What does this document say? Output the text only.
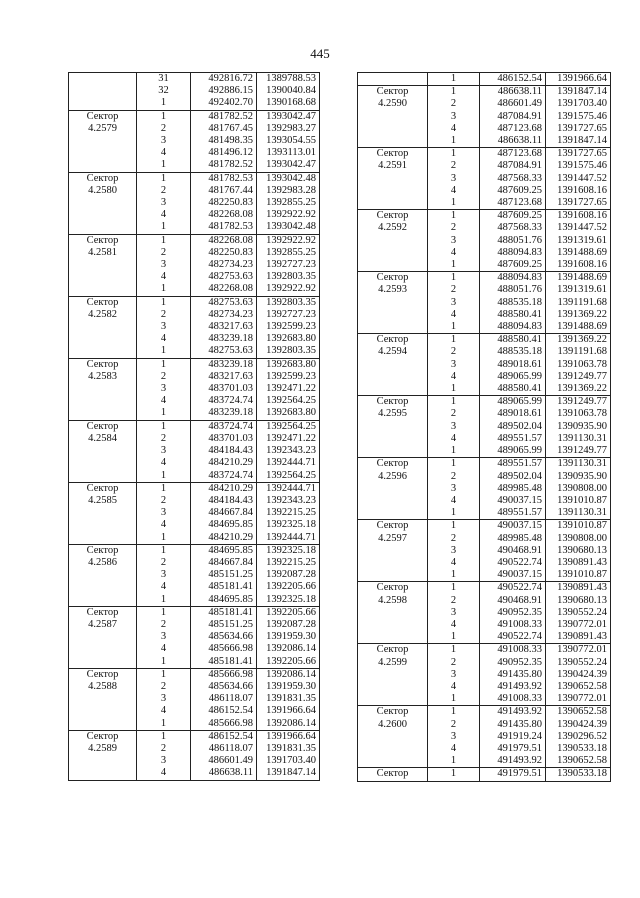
445
	31	492816.72	1389788.53
	32	492886.15	1390040.84
	1	492402.70	1390168.68
Сектор
4.2579	1	481782.52	1393042.47
	2	481767.45	1392983.27
	3	481498.35	1393054.55
	4	481496.12	1393113.01
	1	481782.52	1393042.47
Сектор
4.2580	1	481782.53	1393042.48
	2	481767.44	1392983.28
	3	482250.83	1392855.25
	4	482268.08	1392922.92
	1	481782.53	1393042.48
Сектор
4.2581	1	482268.08	1392922.92
	2	482250.83	1392855.25
	3	482734.23	1392727.23
	4	482753.63	1392803.35
	1	482268.08	1392922.92
Сектор
4.2582	1	482753.63	1392803.35
	2	482734.23	1392727.23
	3	483217.63	1392599.23
	4	483239.18	1392683.80
	1	482753.63	1392803.35
Сектор
4.2583	1	483239.18	1392683.80
	2	483217.63	1392599.23
	3	483701.03	1392471.22
	4	483724.74	1392564.25
	1	483239.18	1392683.80
Сектор
4.2584	1	483724.74	1392564.25
	2	483701.03	1392471.22
	3	484184.43	1392343.23
	4	484210.29	1392444.71
	1	483724.74	1392564.25
Сектор
4.2585	1	484210.29	1392444.71
	2	484184.43	1392343.23
	3	484667.84	1392215.25
	4	484695.85	1392325.18
	1	484210.29	1392444.71
Сектор
4.2586	1	484695.85	1392325.18
	2	484667.84	1392215.25
	3	485151.25	1392087.28
	4	485181.41	1392205.66
	1	484695.85	1392325.18
Сектор
4.2587	1	485181.41	1392205.66
	2	485151.25	1392087.28
	3	485634.66	1391959.30
	4	485666.98	1392086.14
	1	485181.41	1392205.66
Сектор
4.2588	1	485666.98	1392086.14
	2	485634.66	1391959.30
	3	486118.07	1391831.35
	4	486152.54	1391966.64
	1	485666.98	1392086.14
Сектор
4.2589	1	486152.54	1391966.64
	2	486118.07	1391831.35
	3	486601.49	1391703.40
	4	486638.11	1391847.14
	1	486152.54	1391966.64
Сектор
4.2590	1	486638.11	1391847.14
	2	486601.49	1391703.40
	3	487084.91	1391575.46
	4	487123.68	1391727.65
	1	486638.11	1391847.14
Сектор
4.2591	1	487123.68	1391727.65
	2	487084.91	1391575.46
	3	487568.33	1391447.52
	4	487609.25	1391608.16
	1	487123.68	1391727.65
Сектор
4.2592	1	487609.25	1391608.16
	2	487568.33	1391447.52
	3	488051.76	1391319.61
	4	488094.83	1391488.69
	1	487609.25	1391608.16
Сектор
4.2593	1	488094.83	1391488.69
	2	488051.76	1391319.61
	3	488535.18	1391191.68
	4	488580.41	1391369.22
	1	488094.83	1391488.69
Сектор
4.2594	1	488580.41	1391369.22
	2	488535.18	1391191.68
	3	489018.61	1391063.78
	4	489065.99	1391249.77
	1	488580.41	1391369.22
Сектор
4.2595	1	489065.99	1391249.77
	2	489018.61	1391063.78
	3	489502.04	1390935.90
	4	489551.57	1391130.31
	1	489065.99	1391249.77
Сектор
4.2596	1	489551.57	1391130.31
	2	489502.04	1390935.90
	3	489985.48	1390808.00
	4	490037.15	1391010.87
	1	489551.57	1391130.31
Сектор
4.2597	1	490037.15	1391010.87
	2	489985.48	1390808.00
	3	490468.91	1390680.13
	4	490522.74	1390891.43
	1	490037.15	1391010.87
Сектор
4.2598	1	490522.74	1390891.43
	2	490468.91	1390680.13
	3	490952.35	1390552.24
	4	491008.33	1390772.01
	1	490522.74	1390891.43
Сектор
4.2599	1	491008.33	1390772.01
	2	490952.35	1390552.24
	3	491435.80	1390424.39
	4	491493.92	1390652.58
	1	491008.33	1390772.01
Сектор
4.2600	1	491493.92	1390652.58
	2	491435.80	1390424.39
	3	491919.24	1390296.52
	4	491979.51	1390533.18
	1	491493.92	1390652.58
Сектор	1	491979.51	1390533.18
